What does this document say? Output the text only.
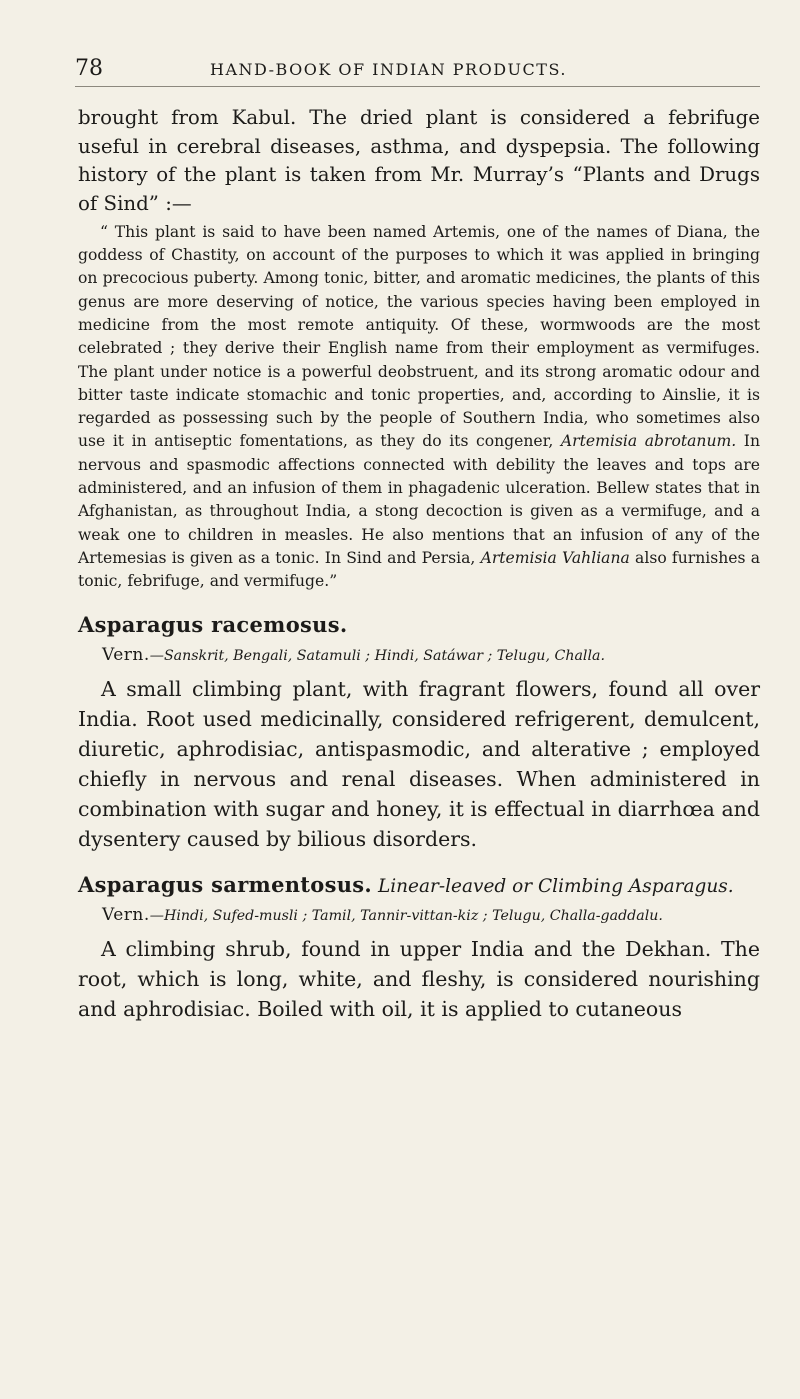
78	HAND-BOOK OF INDIAN PRODUCTS.

brought from Kabul. The dried plant is considered a febrifuge useful in cerebral diseases, asthma, and dyspepsia. The following history of the plant is taken from Mr. Murray’s “Plants and Drugs of Sind” :—

“ This plant is said to have been named Artemis, one of the names of Diana, the goddess of Chastity, on account of the purposes to which it was applied in bringing on precocious puberty. Among tonic, bitter, and aromatic medicines, the plants of this genus are more deserving of notice, the various species having been employed in medicine from the most remote antiquity. Of these, wormwoods are the most celebrated ; they derive their English name from their employment as vermifuges. The plant under notice is a powerful deobstruent, and its strong aromatic odour and bitter taste indicate stomachic and tonic properties, and, according to Ainslie, it is regarded as possessing such by the people of Southern India, who sometimes also use it in antiseptic fomentations, as they do its congener, Artemisia abrotanum. In nervous and spasmodic affections connected with debility the leaves and tops are administered, and an infusion of them in phagadenic ulceration. Bellew states that in Afghanistan, as throughout India, a stong decoction is given as a vermifuge, and a weak one to children in measles. He also mentions that an infusion of any of the Artemesias is given as a tonic. In Sind and Persia, Artemisia Vahliana also furnishes a tonic, febrifuge, and vermifuge.”

Asparagus racemosus.

Vern.—Sanskrit, Bengali, Satamuli ; Hindi, Satáwar ; Telugu, Challa.

A small climbing plant, with fragrant flowers, found all over India. Root used medicinally, considered refrigerent, demulcent, diuretic, aphrodisiac, antispasmodic, and alterative ; employed chiefly in nervous and renal diseases. When administered in combination with sugar and honey, it is effectual in diarrhœa and dysentery caused by bilious disorders.

Asparagus sarmentosus. Linear-leaved or Climbing Asparagus.

Vern.—Hindi, Sufed-musli ; Tamil, Tannir-vittan-kiz ; Telugu, Challa-gaddalu.

A climbing shrub, found in upper India and the Dekhan. The root, which is long, white, and fleshy, is considered nourishing and aphrodisiac. Boiled with oil, it is applied to cutaneous
